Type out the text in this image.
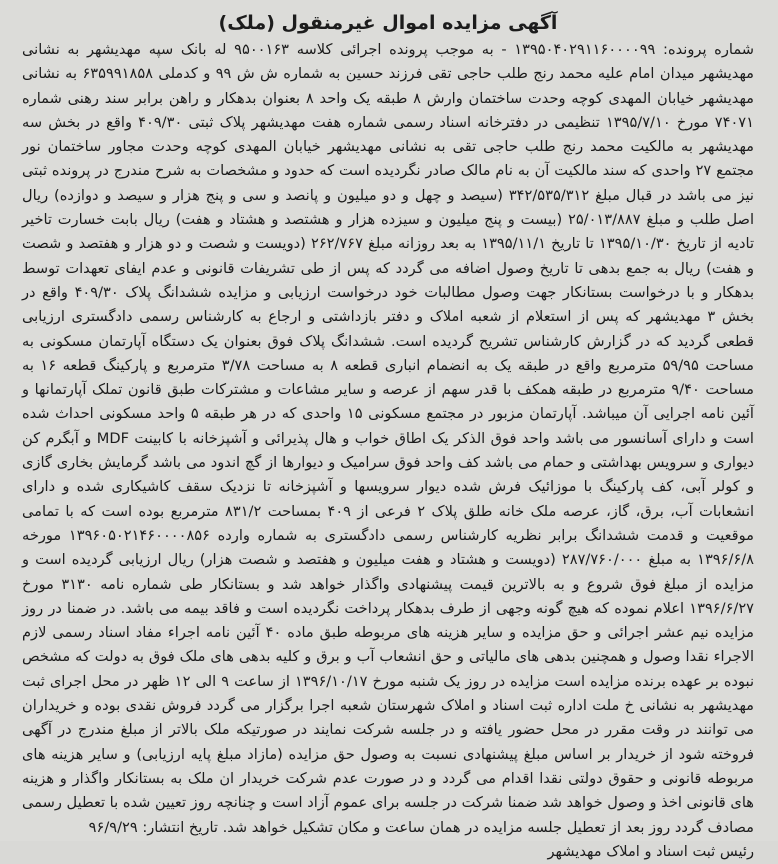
آگهی مزایده اموال غیرمنقول (ملک)

شماره پرونده: ۱۳۹۵۰۴۰۲۹۱۱۶۰۰۰۰۹۹ - به موجب پرونده اجرائی کلاسه ۹۵۰۰۱۶۳ له بانک سپه مهدیشهر به نشانی مهدیشهر میدان امام علیه محمد رنج طلب حاجی تقی فرزند حسین به شماره ش ش ۹۹ و کدملی ۶۳۵۹۹۱۸۵۸ به نشانی مهدیشهر خیابان المهدی کوچه وحدت ساختمان وارش ۸ طبقه یک واحد ۸ بعنوان بدهکار و راهن برابر سند رهنی شماره ۷۴۰۷۱ مورخ ۱۳۹۵/۷/۱۰ تنظیمی در دفترخانه اسناد رسمی شماره هفت مهدیشهر پلاک ثبتی ۴۰۹/۳۰ واقع در بخش سه مهدیشهر به مالکیت محمد رنج طلب حاجی تقی به نشانی مهدیشهر خیابان المهدی کوچه وحدت مجاور ساختمان نور مجتمع ۲۷ واحدی که سند مالکیت آن به نام مالک صادر نگردیده است که حدود و مشخصات به شرح مندرج در پرونده ثبتی نیز می باشد در قبال مبلغ ۳۴۲/۵۳۵/۳۱۲ (سیصد و چهل و دو میلیون و پانصد و سی و پنج هزار و سیصد و دوازده) ریال اصل طلب و مبلغ ۲۵/۰۱۳/۸۸۷ (بیست و پنج میلیون و سیزده هزار و هشتصد و هشتاد و هفت) ریال بابت خسارت تاخیر تادیه از تاریخ ۱۳۹۵/۱۰/۳۰ تا تاریخ ۱۳۹۵/۱۱/۱ به بعد روزانه مبلغ ۲۶۲/۷۶۷ (دویست و شصت و دو هزار و هفتصد و شصت و هفت) ریال به جمع بدهی تا تاریخ وصول اضافه می گردد که پس از طی تشریفات قانونی و عدم ایفای تعهدات توسط بدهکار و با درخواست بستانکار جهت وصول مطالبات خود درخواست ارزیابی و مزایده ششدانگ پلاک ۴۰۹/۳۰ واقع در بخش ۳ مهدیشهر که پس از استعلام از شعبه املاک و دفتر بازداشتی و ارجاع به کارشناس رسمی دادگستری ارزیابی قطعی گردید که در گزارش کارشناس تشریح گردیده است. ششدانگ پلاک فوق بعنوان یک دستگاه آپارتمان مسکونی به مساحت ۵۹/۹۵ مترمربع واقع در طبقه یک به انضمام انباری قطعه ۸ به مساحت ۳/۷۸ مترمربع و پارکینگ قطعه ۱۶ به مساحت ۹/۴۰ مترمربع در طبقه همکف با قدر سهم از عرصه و سایر مشاعات و مشترکات طبق قانون تملک آپارتمانها و آئین نامه اجرایی آن میباشد. آپارتمان مزبور در مجتمع مسکونی ۱۵ واحدی که در هر طبقه ۵ واحد مسکونی احداث شده است و دارای آسانسور می باشد واحد فوق الذکر یک اطاق خواب و هال پذیرائی و آشپزخانه با کابینت MDF و آبگرم کن دیواری و سرویس بهداشتی و حمام می باشد کف واحد فوق سرامیک و دیوارها از گچ اندود می باشد گرمایش بخاری گازی و کولر آبی، کف پارکینگ با موزائیک فرش شده دیوار سرویسها و آشپزخانه تا نزدیک سقف کاشیکاری شده و دارای انشعابات آب، برق، گاز، عرصه ملک خانه طلق پلاک ۲ فرعی از ۴۰۹ بمساحت ۸۳۱/۲ مترمربع بوده است که با تمامی موقعیت و قدمت ششدانگ برابر نظریه کارشناس رسمی دادگستری به شماره وارده ۱۳۹۶۰۵۰۲۱۴۶۰۰۰۰۸۵۶ مورخه ۱۳۹۶/۶/۸ به مبلغ ۲۸۷/۷۶۰/۰۰۰ (دویست و هشتاد و هفت میلیون و هفتصد و شصت هزار) ریال ارزیابی گردیده است و مزایده از مبلغ فوق شروع و به بالاترین قیمت پیشنهادی واگذار خواهد شد و بستانکار طی شماره نامه ۳۱۳۰ مورخ ۱۳۹۶/۶/۲۷ اعلام نموده که هیچ گونه وجهی از طرف بدهکار پرداخت نگردیده است و فاقد بیمه می باشد. در ضمنا در روز مزایده نیم عشر اجرائی و حق مزایده و سایر هزینه های مربوطه طبق ماده ۴۰ آئین نامه اجراء مفاد اسناد رسمی لازم الاجراء نقدا وصول و همچنین بدهی های مالیاتی و حق انشعاب آب و برق و کلیه بدهی های ملک فوق به دولت که مشخص نبوده بر عهده برنده مزایده است مزایده در روز یک شنبه مورخ ۱۳۹۶/۱۰/۱۷ از ساعت ۹ الی ۱۲ ظهر در محل اجرای ثبت مهدیشهر به نشانی خ ملت اداره ثبت اسناد و املاک شهرستان شعبه اجرا برگزار می گردد فروش نقدی بوده و خریداران می توانند در وقت مقرر در محل حضور یافته و در جلسه شرکت نمایند در صورتیکه ملک بالاتر از مبلغ مندرج در آگهی فروخته شود از خریدار بر اساس مبلغ پیشنهادی نسبت به وصول حق مزایده (مازاد مبلغ پایه ارزیابی) و سایر هزینه های مربوطه قانونی و حقوق دولتی نقدا اقدام می گردد و در صورت عدم شرکت خریدار ان ملک به بستانکار واگذار و هزینه های قانونی اخذ و وصول خواهد شد ضمنا شرکت در جلسه برای عموم آزاد است و چنانچه روز تعیین شده با تعطیل رسمی مصادف گردد روز بعد از تعطیل جلسه مزایده در همان ساعت و مکان تشکیل خواهد شد. تاریخ انتشار: ۹۶/۹/۲۹

رئیس ثبت اسناد و املاک مهدیشهر
